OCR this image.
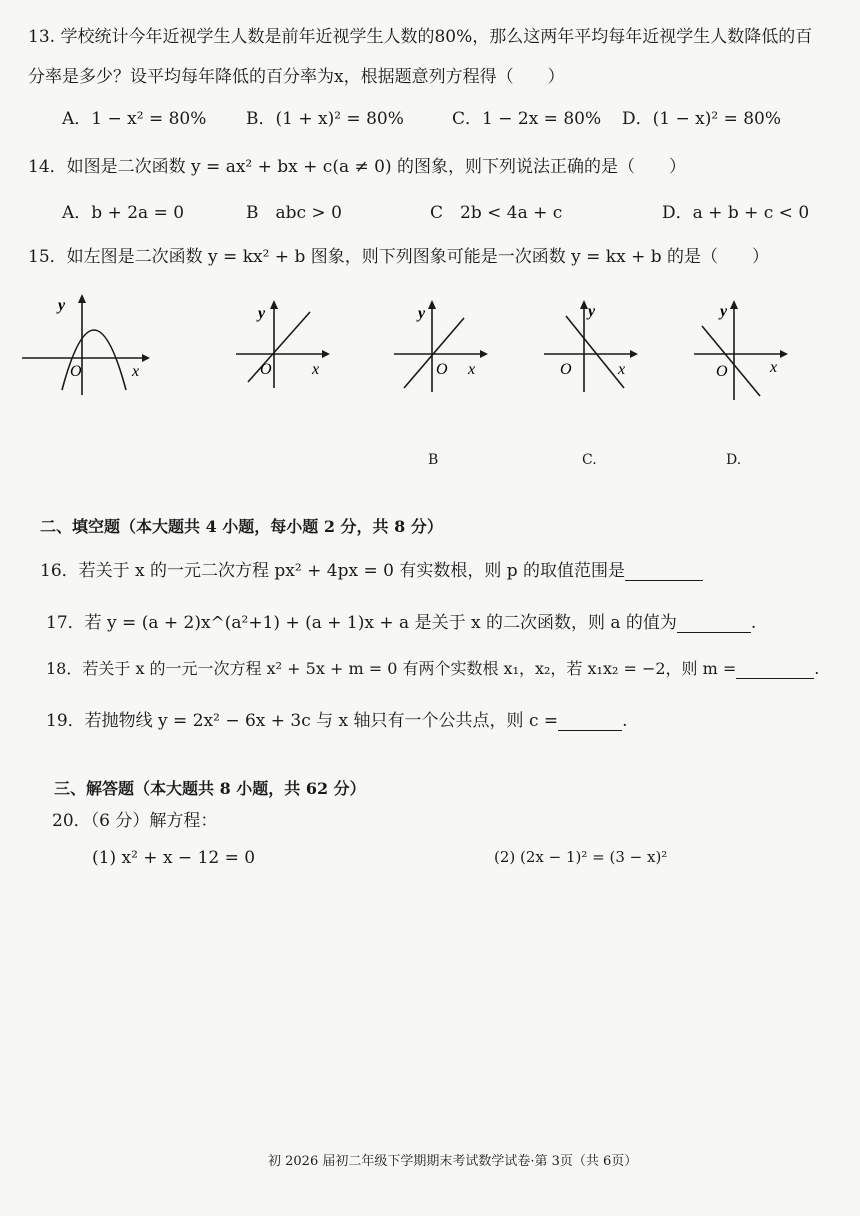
13. 学校统计今年近视学生人数是前年近视学生人数的80%，那么这两年平均每年近视学生人数降低的百
分率是多少？设平均每年降低的百分率为x，根据题意列方程得（　　）
A．1 − x² = 80% B．(1 + x)² = 80%	C．1 − 2x = 80% D．(1 − x)² = 80%
14．如图是二次函数 y = ax² + bx + c(a ≠ 0) 的图象，则下列说法正确的是（　　）
A．b + 2a = 0	B　abc > 0	C　2b < 4a + c	D．a + b + c < 0
15．如左图是二次函数 y = kx² + b 图象，则下列图象可能是一次函数 y = kx + b 的是（　　）
y
O	x
y
O	x
y
O x
y
O	x
y
O	x
B	C.	D.
二、填空题（本大题共 4 小题，每小题 2 分，共 8 分）
16．若关于 x 的一元二次方程 px² + 4px = 0 有实数根，则 p 的取值范围是
17．若 y = (a + 2)x^(a²+1) + (a + 1)x + a 是关于 x 的二次函数，则 a 的值为	.
18．若关于 x 的一元一次方程 x² + 5x + m = 0 有两个实数根 x₁，x₂，若 x₁x₂ = −2，则 m =	.
19．若抛物线 y = 2x² − 6x + 3c 与 x 轴只有一个公共点，则 c =	.
三、解答题（本大题共 8 小题，共 62 分）
20．（6 分）解方程：
(1) x² + x − 12 = 0	(2) (2x − 1)² = (3 − x)²
初 2026 届初二年级下学期期末考试数学试卷·第 3页（共 6页）
